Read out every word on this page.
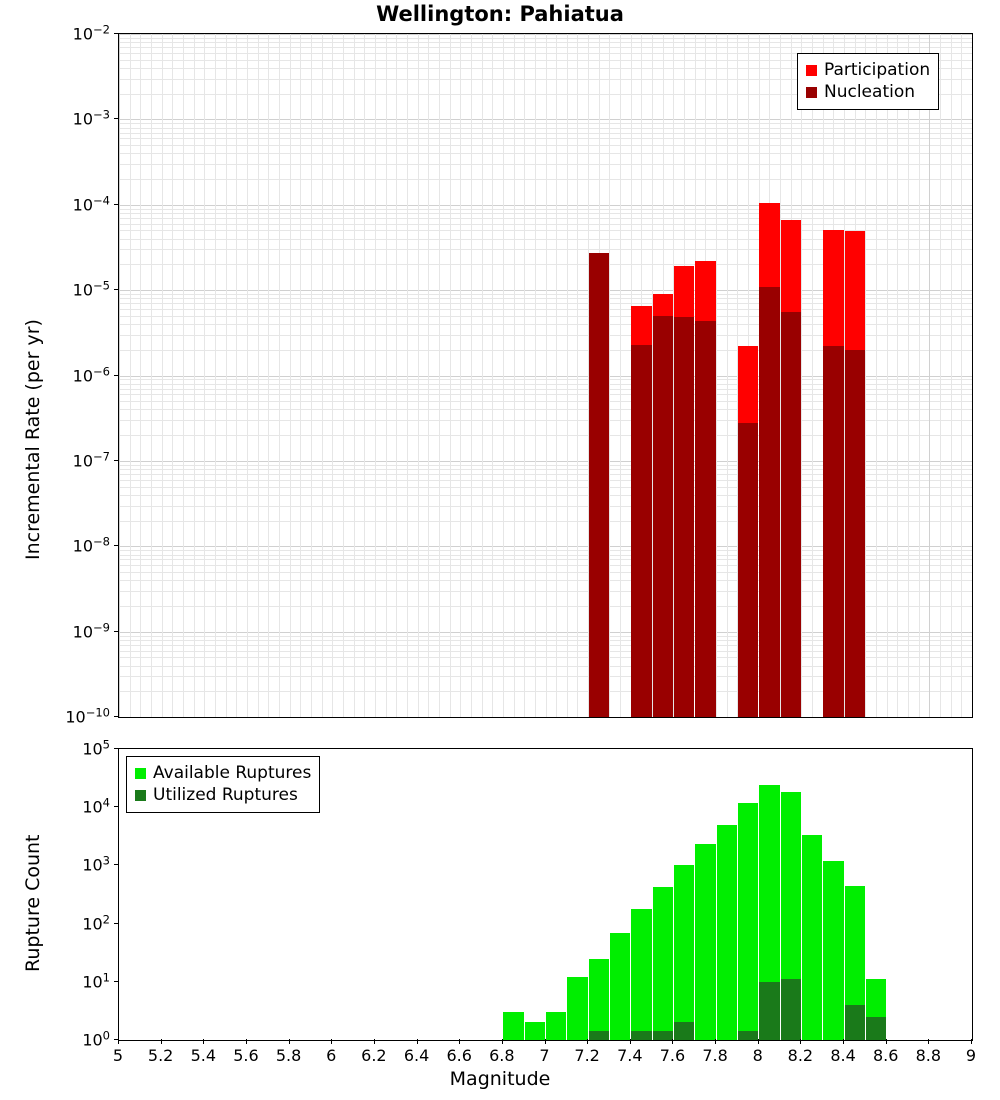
Wellington: Pahiatua
Incremental Rate (per yr)
Rupture Count
Magnitude
Participation
Nucleation
Available Ruptures
Utilized Ruptures
$10^{-10}$
$10^{-9}$
$10^{-8}$
$10^{-7}$
$10^{-6}$
$10^{-5}$
$10^{-4}$
$10^{-3}$
$10^{-2}$
$10^0$
$10^1$
$10^2$
$10^3$
$10^4$
$10^5$
5 5.2 5.4 5.6 5.8 6 6.2 6.4 6.6 6.8 7 7.2 7.4 7.6 7.8 8 8.2 8.4 8.6 8.8 9
